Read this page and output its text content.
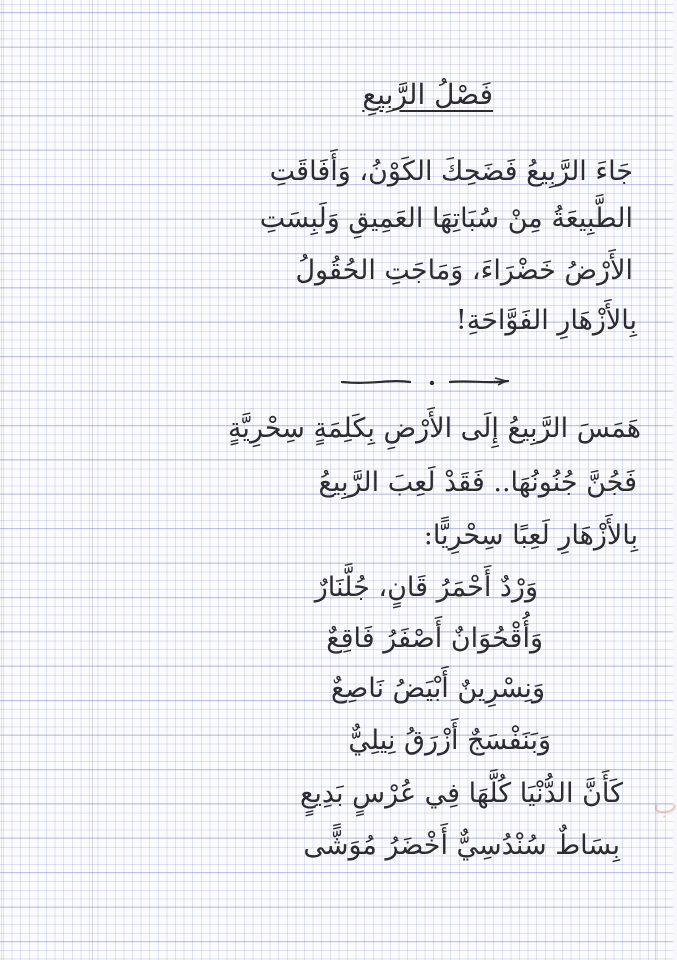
فَصْلُ الرَّبِيعِ
جَاءَ الرَّبِيعُ فَضَحِكَ الكَوْنُ، وَأَفَاقَتِ
الطَّبِيعَةُ مِنْ سُبَاتِهَا العَمِيقِ وَلَبِسَتِ
الأَرْضُ خَضْرَاءَ، وَمَاجَتِ الحُقُولُ
بِالأَزْهَارِ الفَوَّاحَةِ!
هَمَسَ الرَّبِيعُ إِلَى الأَرْضِ بِكَلِمَةٍ سِحْرِيَّةٍ
فَجُنَّ جُنُونُهَا.. فَقَدْ لَعِبَ الرَّبِيعُ
بِالأَزْهَارِ لَعِبًا سِحْرِيًّا:
وَرْدٌ أَحْمَرُ قَانٍ، جُلَّنَارٌ
وَأُقْحُوَانٌ أَصْفَرُ فَاقِعٌ
وَنِسْرِينٌ أَبْيَضُ نَاصِعٌ
وَبَنَفْسَجٌ أَزْرَقُ نِيلِيٌّ
كَأَنَّ الدُّنْيَا كُلَّهَا فِي عُرْسٍ بَدِيعٍ
بِسَاطٌ سُنْدُسِيٌّ أَخْضَرُ مُوَشًّى
ب
